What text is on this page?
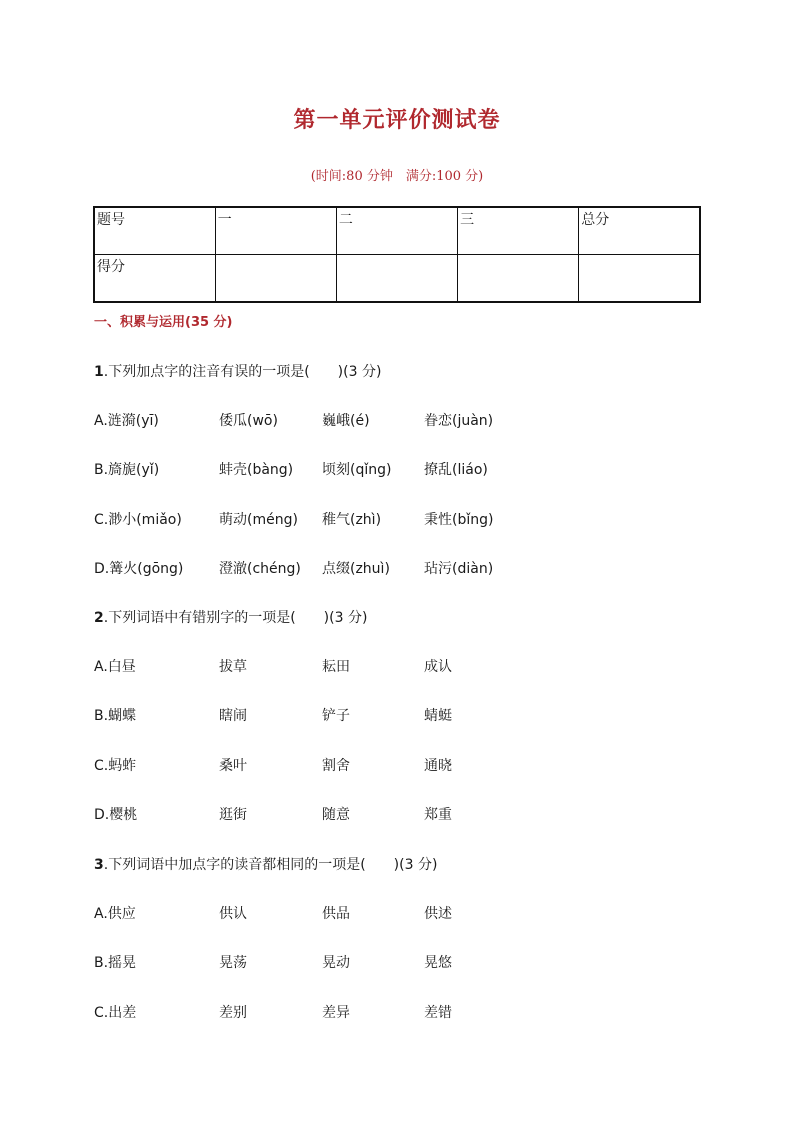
第一单元评价测试卷
(时间:80 分钟　满分:100 分)
题号	一	二	三	总分
得分				
一、积累与运用(35 分)
1.下列加点字的注音有误的一项是(　　)(3 分)
A.涟漪(yī)	倭瓜(wō)	巍峨(é)	眷恋(juàn)
B.旖旎(yǐ)	蚌壳(bàng) 顷刻(qǐng) 撩乱(liáo)
C.渺小(miǎo)	萌动(méng) 稚气(zhì)	秉性(bǐng)
D.篝火(gōng)	澄澈(chéng) 点缀(zhuì) 玷污(diàn)
2.下列词语中有错别字的一项是(　　)(3 分)
A.白昼	拔草	耘田	成认
B.蝴蝶	瞎闹	铲子	蜻蜓
C.蚂蚱	桑叶	割舍	通晓
D.樱桃	逛街	随意	郑重
3.下列词语中加点字的读音都相同的一项是(　　)(3 分)
A.供应	供认	供品	供述
B.摇晃	晃荡	晃动	晃悠
C.出差	差别	差异	差错
